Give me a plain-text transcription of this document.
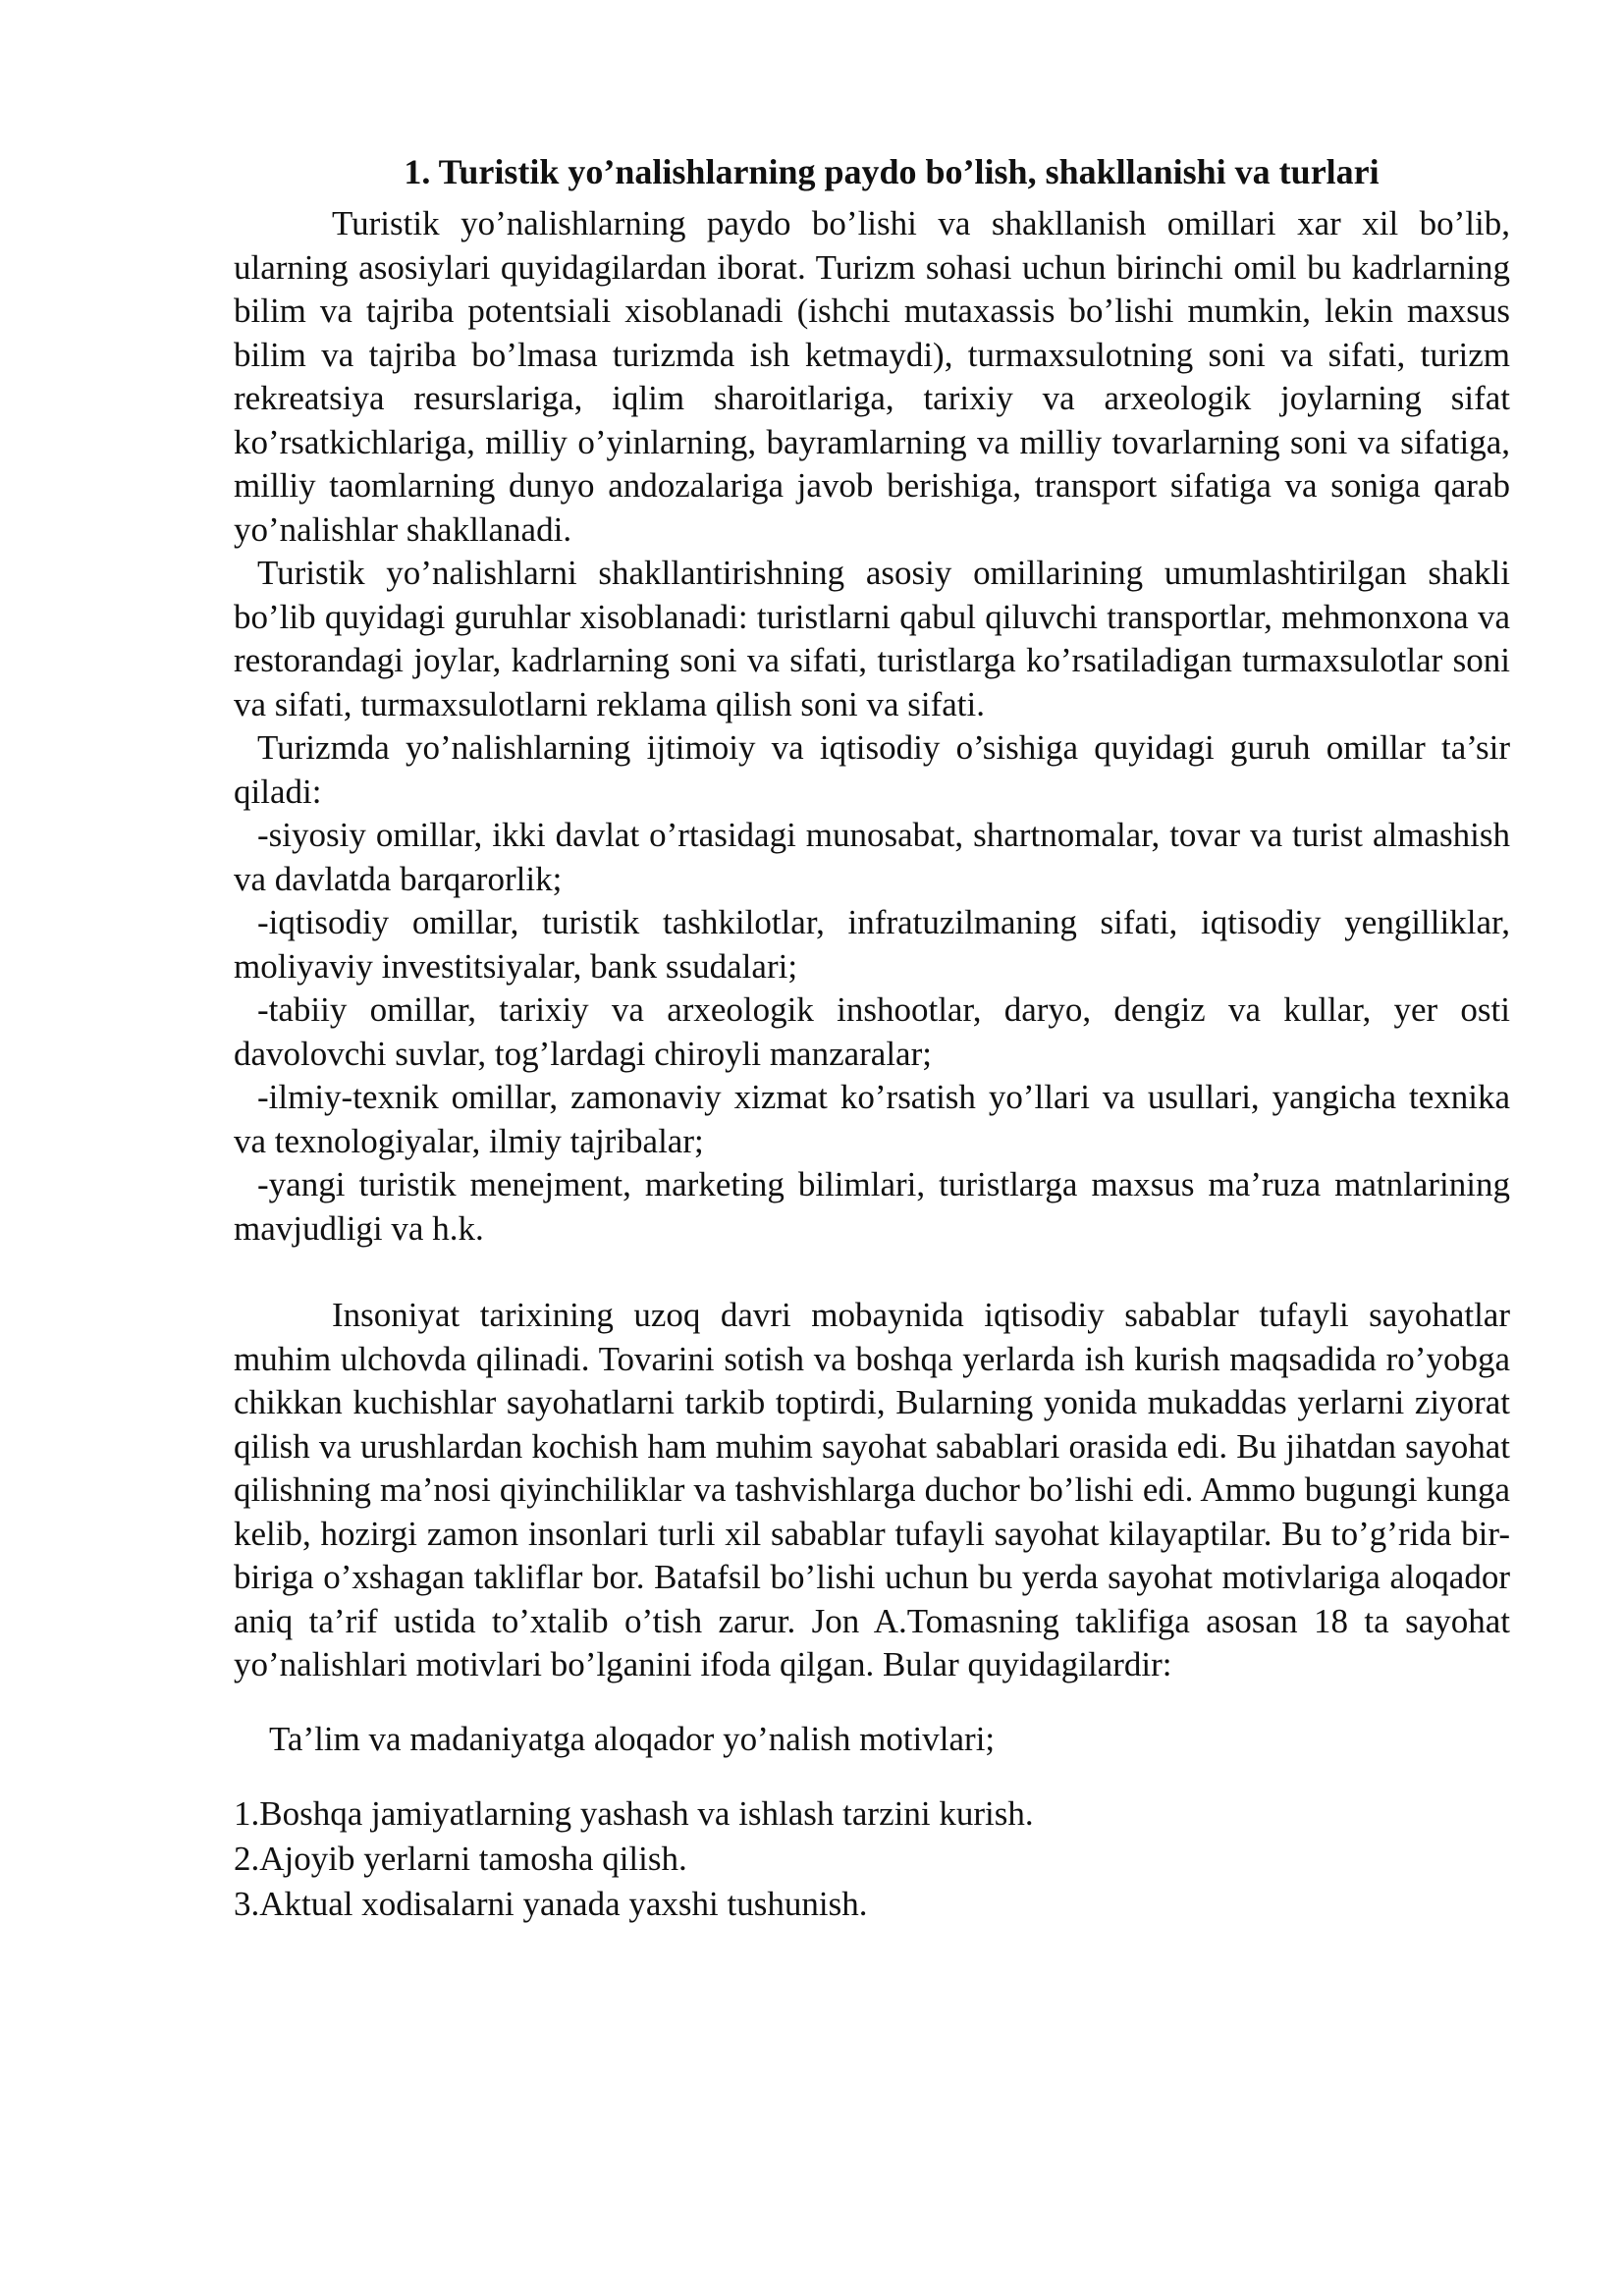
1. Turistik yo’nalishlarning paydo bo’lish, shakllanishi va turlari

Turistik yo’nalishlarning paydo bo’lishi va shakllanish omillari xar xil bo’lib, ularning asosiylari quyidagilardan iborat. Turizm sohasi uchun birinchi omil bu kadrlarning bilim va tajriba potentsiali xisoblanadi (ishchi mutaxassis bo’lishi mumkin, lekin maxsus bilim va tajriba bo’lmasa turizmda ish ketmaydi), turmaxsulotning soni va sifati, turizm rekreatsiya resurslariga, iqlim sharoitlariga, tarixiy va arxeologik joylarning sifat ko’rsatkichlariga, milliy o’yinlarning, bayramlarning va milliy tovarlarning soni va sifatiga, milliy taomlarning dunyo andozalariga javob berishiga, transport sifatiga va soniga qarab yo’nalishlar shakllanadi.

Turistik yo’nalishlarni shakllantirishning asosiy omillarining umumlashtirilgan shakli bo’lib quyidagi guruhlar xisoblanadi: turistlarni qabul qiluvchi transportlar, mehmonxona va restorandagi joylar, kadrlarning soni va sifati, turistlarga ko’rsatiladigan turmaxsulotlar soni va sifati, turmaxsulotlarni reklama qilish soni va sifati.

Turizmda yo’nalishlarning ijtimoiy va iqtisodiy o’sishiga quyidagi guruh omillar ta’sir qiladi:

-siyosiy omillar, ikki davlat o’rtasidagi munosabat, shartnomalar, tovar va turist almashish va davlatda barqarorlik;

-iqtisodiy omillar, turistik tashkilotlar, infratuzilmaning sifati, iqtisodiy yengilliklar, moliyaviy investitsiyalar, bank ssudalari;

-tabiiy omillar, tarixiy va arxeologik inshootlar, daryo, dengiz va kullar, yer osti davolovchi suvlar, tog’lardagi chiroyli manzaralar;

-ilmiy-texnik omillar, zamonaviy xizmat ko’rsatish yo’llari va usullari, yangicha texnika va texnologiyalar, ilmiy tajribalar;

-yangi turistik menejment, marketing bilimlari, turistlarga maxsus ma’ruza matnlarining mavjudligi va h.k.

Insoniyat tarixining uzoq davri mobaynida iqtisodiy sabablar tufayli sayohatlar muhim ulchovda qilinadi. Tovarini sotish va boshqa yerlarda ish kurish maqsadida ro’yobga chikkan kuchishlar sayohatlarni tarkib toptirdi, Bularning yonida mukaddas yerlarni ziyorat qilish va urushlardan kochish ham muhim sayohat sabablari orasida edi. Bu jihatdan sayohat qilishning ma’nosi qiyinchiliklar va tashvishlarga duchor bo’lishi edi. Ammo bugungi kunga kelib, hozirgi zamon insonlari turli xil sabablar tufayli sayohat kilayaptilar. Bu to’g’rida bir-biriga o’xshagan takliflar bor. Batafsil bo’lishi uchun bu yerda sayohat motivlariga aloqador aniq ta’rif ustida to’xtalib o’tish zarur. Jon A.Tomasning taklifiga asosan 18 ta sayohat yo’nalishlari motivlari bo’lganini ifoda qilgan. Bular quyidagilardir:

Ta’lim va madaniyatga aloqador yo’nalish motivlari;

1.Boshqa jamiyatlarning yashash va ishlash tarzini kurish.

2.Ajoyib yerlarni tamosha qilish.

3.Aktual xodisalarni yanada yaxshi tushunish.
